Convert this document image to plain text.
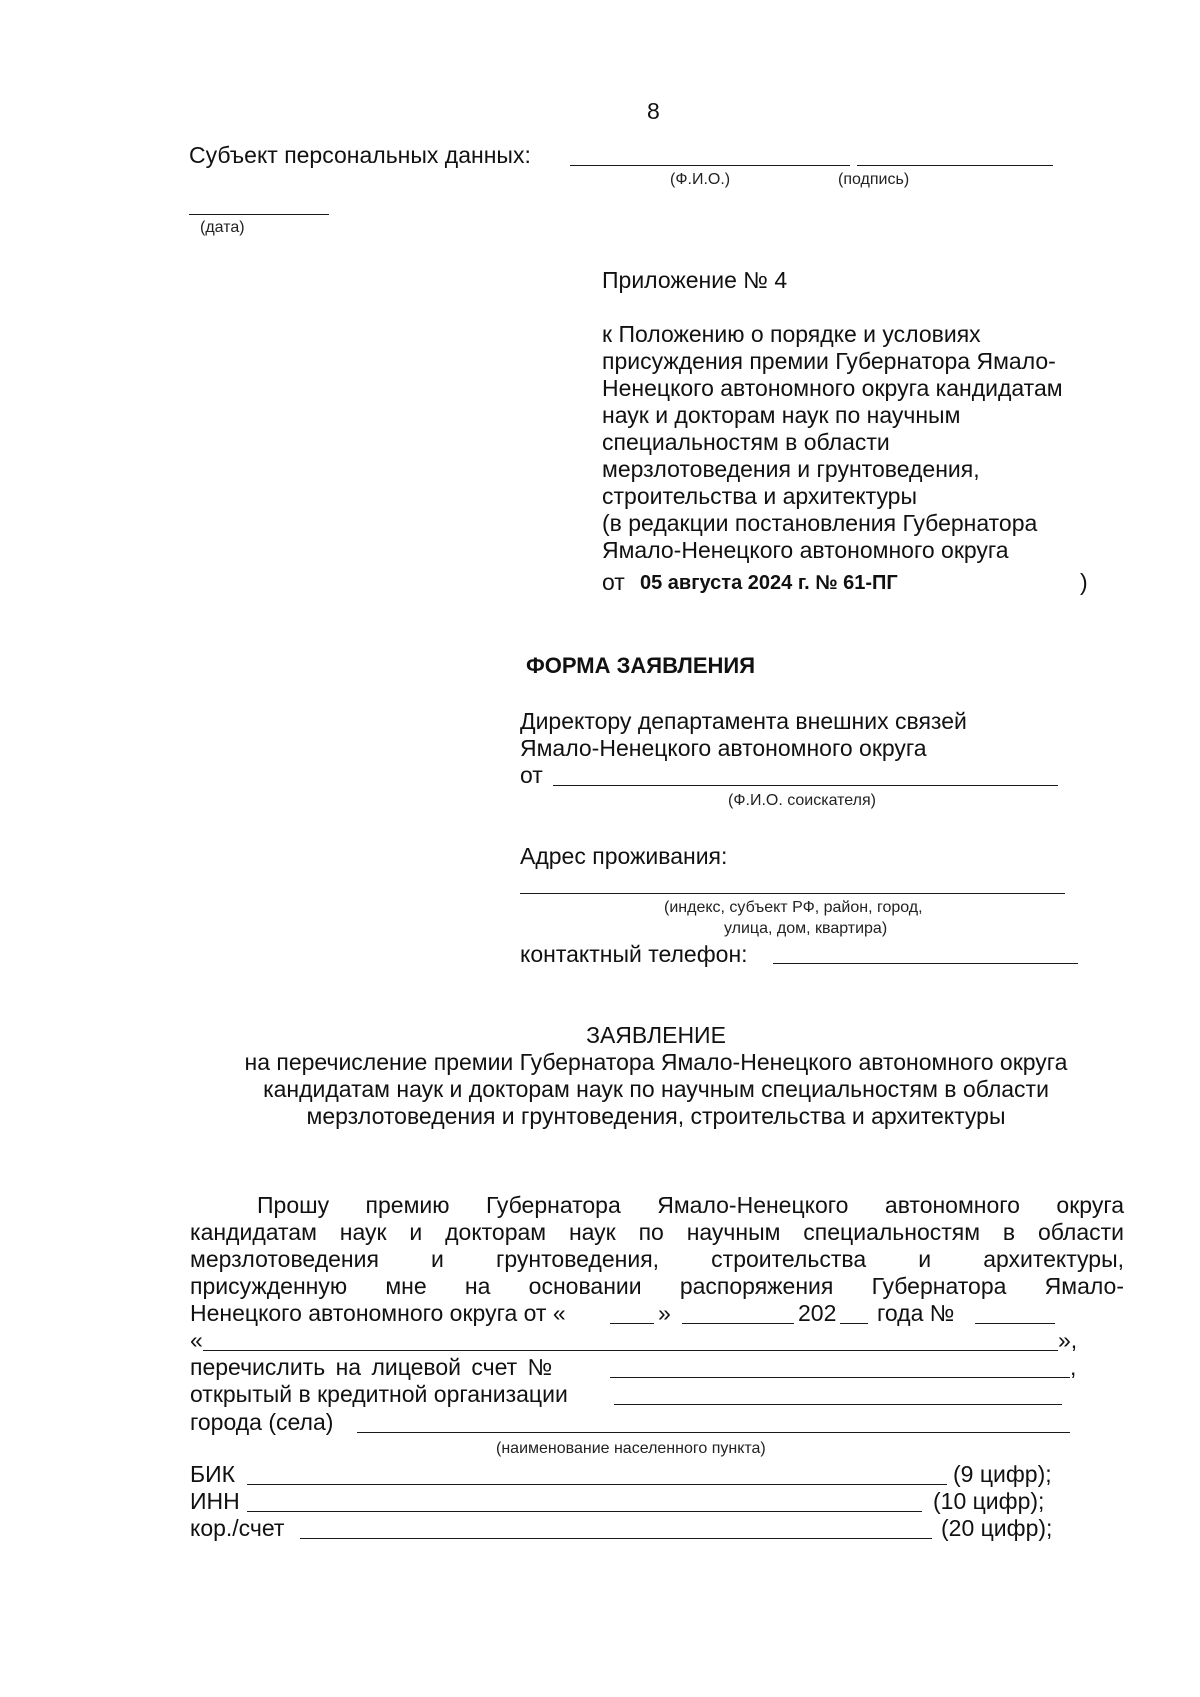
8
Субъект персональных данных:
(Ф.И.О.)	(подпись)
(дата)
Приложение № 4
к Положению о порядке и условиях
присуждения премии Губернатора Ямало-
Ненецкого автономного округа кандидатам
наук и докторам наук по научным
специальностям в области
мерзлотоведения и грунтоведения,
строительства и архитектуры
(в редакции постановления Губернатора
Ямало-Ненецкого автономного округа
от 05 августа 2024 г. № 61-ПГ	)
ФОРМА ЗАЯВЛЕНИЯ
Директору департамента внешних связей
Ямало-Ненецкого автономного округа
от
(Ф.И.О. соискателя)
Адрес проживания:
(индекс, субъект РФ, район, город,
улица, дом, квартира)
контактный телефон:
ЗАЯВЛЕНИЕ
на перечисление премии Губернатора Ямало-Ненецкого автономного округа
кандидатам наук и докторам наук по научным специальностям в области
мерзлотоведения и грунтоведения, строительства и архитектуры
Прошу премию Губернатора Ямало-Ненецкого автономного округа
кандидатам наук и докторам наук по научным специальностям в области
мерзлотоведения и грунтоведения, строительства и архитектуры,
присужденную мне на основании распоряжения Губернатора Ямало-
Ненецкого автономного округа от «	»	202 года №
«	»,
перечислить на лицевой счет №	,
открытый в кредитной организации
города (села)
(наименование населенного пункта)
БИК	(9 цифр);
ИНН	(10 цифр);
кор./счет	(20 цифр);
